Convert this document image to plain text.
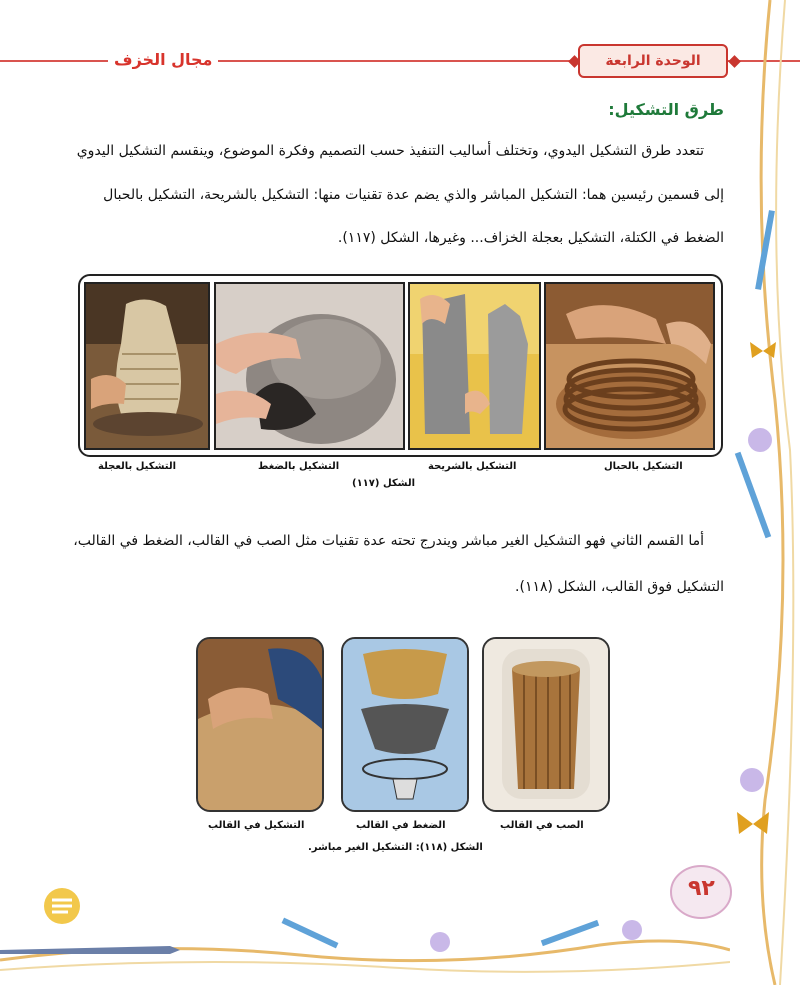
مجال الخزف	الوحدة الرابعة
طرق التشكيل:
تتعدد طرق التشكيل اليدوي، وتختلف أساليب التنفيذ حسب التصميم وفكرة الموضوع، وينقسم التشكيل اليدوي
إلى قسمين رئيسين هما: التشكيل المباشر والذي يضم عدة تقنيات منها: التشكيل بالشريحة، التشكيل بالحبال
الضغط في الكتلة، التشكيل بعجلة الخزاف... وغيرها، الشكل (١١٧).
التشكيل بالحبال
التشكيل بالشريحة
التشكيل بالضغط
التشكيل بالعجلة
الشكل (١١٧)
أما القسم الثاني فهو التشكيل الغير مباشر ويندرج تحته عدة تقنيات مثل الصب في القالب، الضغط في القالب،
التشكيل فوق القالب، الشكل (١١٨).
الصب في القالب
الضغط في القالب
التشكيل في القالب
الشكل (١١٨): التشكيل الغير مباشر.
٩٢
